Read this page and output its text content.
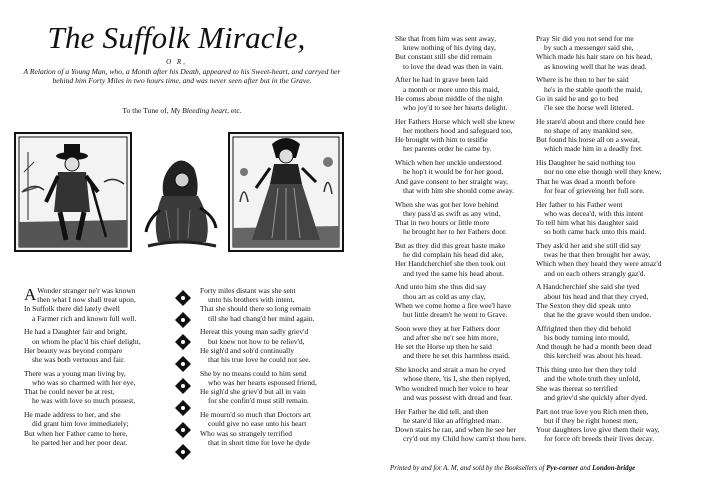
The Suffolk Miracle,
O R,
A Relation of a Young Man, who, a Month after his Death, appeared to his Sweet-heart, and carryed her behind him Forty Miles in two hours time, and was never seen after but in the Grave.
To the Tune of, My Bleeding heart, etc.
A Wonder stranger ne'r was known
then what I now shall treat upon,
In Suffolk there did lately dwell
a Farmer rich and known full well.
He had a Daughter fair and bright,
on whom he plac'd his chief delight,
Her beauty was beyond compare
she was both vertuous and fair.
There was a young man living by,
who was so charmed with her eye,
That he could never be at rest,
he was with love so much possest,
He made address to her, and she
did grant him love immediately;
But when her Father came to here,
he parted her and her poor dear.
Forty miles distant was she sent
unto his brothers with intent,
That she should there so long remain
till she had chang'd her mind again.
Hereat this young man sadly griev'd
but knew not how to be reliev'd,
He sigh'd and sob'd continually
that his true love he could not see.
She by no means could to him send
who was her hearts espoused friend,
He sigh'd she griev'd but all in vain
for she confin'd must still remain.
He mourn'd so much that Doctors art
could give no ease unto his heart
Who was so strangely terrified
that in short time for love he dyde
She that from him was sent away,
knew nothing of his dying day,
But constant still she did remain
to love the dead was then in vain.
After he had in grave been laid
a month or more unto this maid,
He comes about middle of the night
who joy'd to see her hearts delight.
Her Fathers Horse which well she knew
her mothers hood and safeguard too,
He brought with him to testifie
her parents order he came by.
Which when her unckle understood
he hop't it would be for her good,
And gave consent to her straight way,
that with him she should come away.
When she was got her love behind
they pass'd as swift as any wind,
That in two hours or little more
he brought her to her Fathers door.
But as they did this great haste make
he did complain his head did ake,
Her Handcherchief she then took out
and tyed the same his head about.
And unto him she thus did say
thou art as cold as any clay,
When we come home a fire wee'l have
but little dream't he went to Grave.
Soon were they at her Fathers door
and after she ne'r see him more,
He set the Horse up then he said
and there he set this harmless maid.
She knockt and strait a man he cryed
whose there, 'tis I, she then replyed,
Who wondred much her voice to hear
and was possest with dread and fear.
Her Father he did tell, and then
he stare'd like an affrighted man.
Down stairs he ran, and when he see her
cry'd out my Child how cam'st thou here.
Pray Sir did you not send for me
by such a messenger said she,
Which made his hair stare on his head,
as knowing well that he was dead.
Where is he then to her he said
he's in the stable quoth the maid,
Go in said he and go to bed
i'le see the horse well littered.
He stare'd about and there could hee
no shape of any mankind see,
But found his horse all on a sweat,
which made him in a deadly fret.
His Daughter he said nothing too
nor no one else though well they knew,
That he was dead a month before
for fear of grieveing her full sore.
Her father to his Father went
who was decea'd, with this intent
To tell him what his daughter said
so both came back unto this maid.
They ask'd her and she still did say
twas he that then brought her away,
Which when they heard they were amaz'd
and on each others strangly gaz'd.
A Handcherchief she said she tyed
about his head and that they cryed,
The Sexton they did speak unto
that he the grave would then undoe.
Affrighted then they did behold
his body turning into mould,
And though he had a month been dead
this kercheif was about his head.
This thing unto her then they told
and the whole truth they unfold,
She was thereat so terrified
and griev'd she quickly after dyed.
Part not true love you Rich men then,
but if they be right honest men,
Your daughters love give them their way,
for force oft breeds their lives decay.
Printed by and for A. M, and sold by the Booksellers of Pye-corner and London-bridge
